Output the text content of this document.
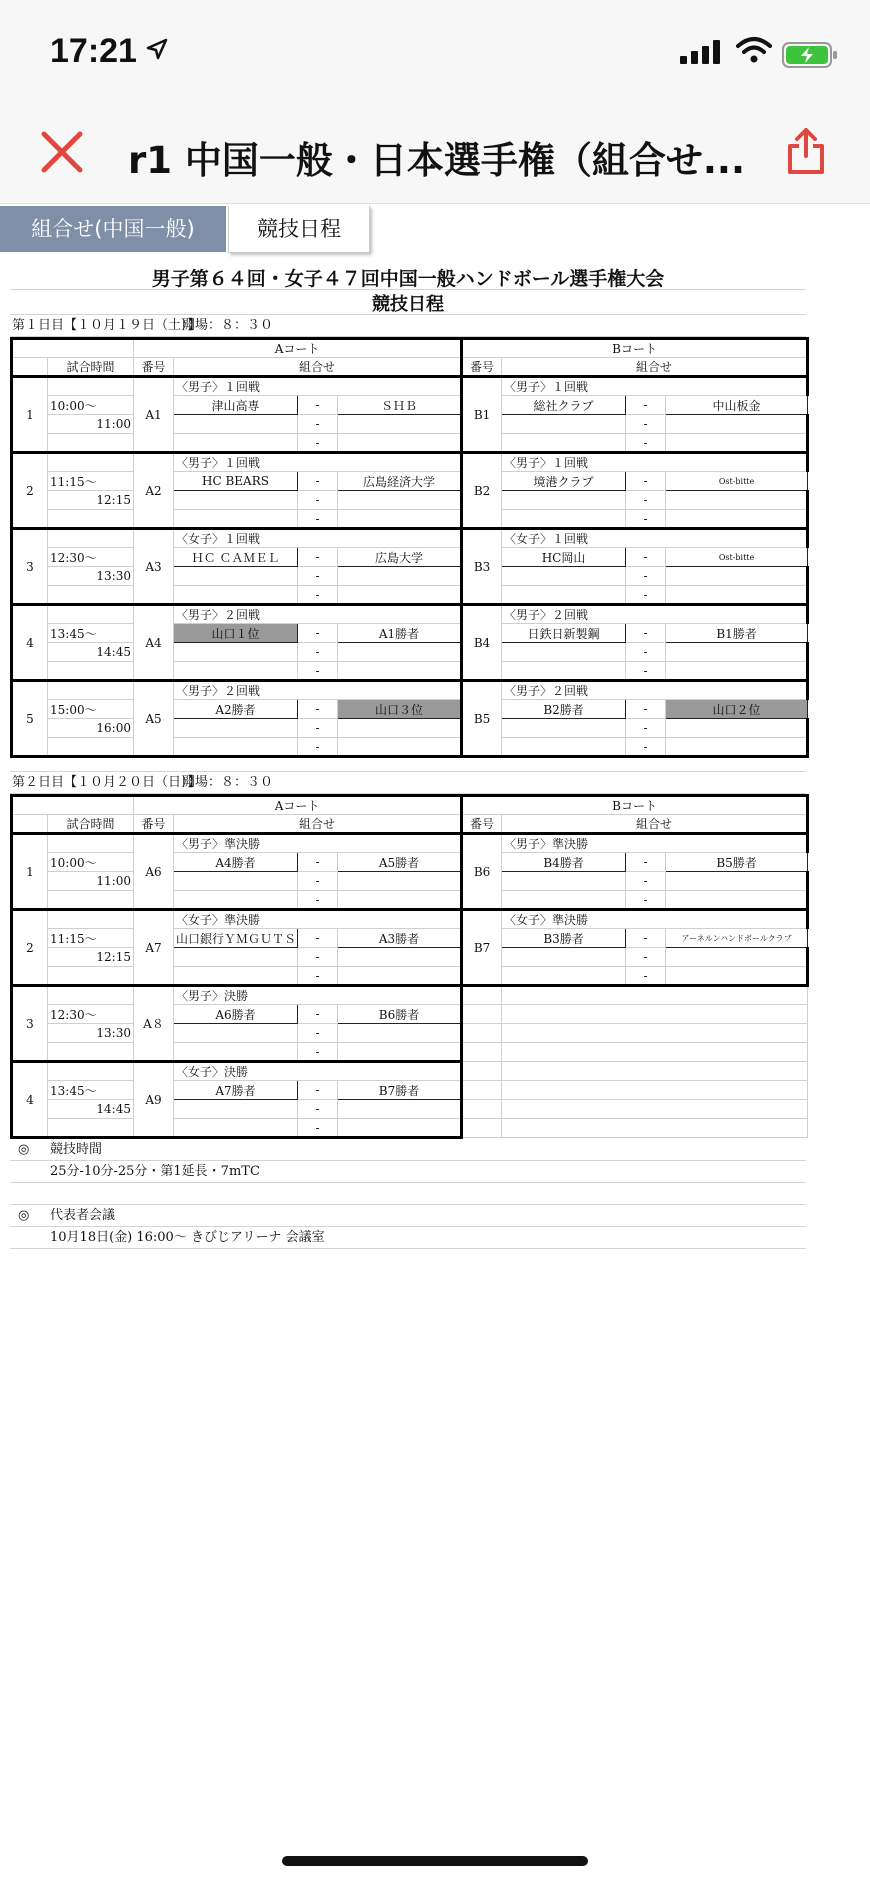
17:21
r1 中国一般・日本選手権（組合せ...
組合せ(中国一般)	競技日程
男子第６４回・女子４７回中国一般ハンドボール選手権大会
競技日程
第１日目【１０月１９日（土）】
開場：８：３０
		Aコート				Bコート			
	試合時間	番号	組合せ			番号	組合せ		
1		A1	〈男子〉１回戦			B1	〈男子〉１回戦		
	10:00～		津山高専	-	ＳＨＢ		総社クラブ	-	中山板金
	11:00			-				-	
				-				-	
2		A2	〈男子〉１回戦			B2	〈男子〉１回戦		
	11:15～		HC BEARS	-	広島経済大学		境港クラブ	-	Ost-bitte
	12:15			-				-	
				-				-	
3		A3	〈女子〉１回戦			B3	〈女子〉１回戦		
	12:30～		ＨＣ ＣＡＭＥＬ	-	広島大学		HC岡山	-	Ost-bitte
	13:30			-				-	
				-				-	
4		A4	〈男子〉２回戦			B4	〈男子〉２回戦		
	13:45～		山口１位	-	A1勝者		日鉄日新製鋼	-	B1勝者
	14:45			-				-	
				-				-	
5		A5	〈男子〉２回戦			B5	〈男子〉２回戦		
	15:00～		A2勝者	-	山口３位		B2勝者	-	山口２位
	16:00			-				-	
				-				-	
第２日目【１０月２０日（日）】
開場：８：３０
		Aコート				Bコート			
	試合時間	番号	組合せ			番号	組合せ		
1		A6	〈男子〉準決勝			B6	〈男子〉準決勝		
	10:00～		A4勝者	-	A5勝者		B4勝者	-	B5勝者
	11:00			-				-	
				-				-	
2		A7	〈女子〉準決勝			B7	〈女子〉準決勝		
	11:15～		山口銀行ＹＭＧＵＴＳ	-	A3勝者		B3勝者	-	アーネルンハンドボールクラブ
	12:15			-				-	
				-				-	
3		A８	〈男子〉決勝						
	12:30～		A6勝者	-	B6勝者				
	13:30			-					
				-					
4		A9	〈女子〉決勝						
	13:45～		A7勝者	-	B7勝者				
	14:45			-					
				-					
◎ 競技時間
25分-10分-25分・第1延長・7mTC
◎ 代表者会議
10月18日(金) 16:00～ きびじアリーナ 会議室
